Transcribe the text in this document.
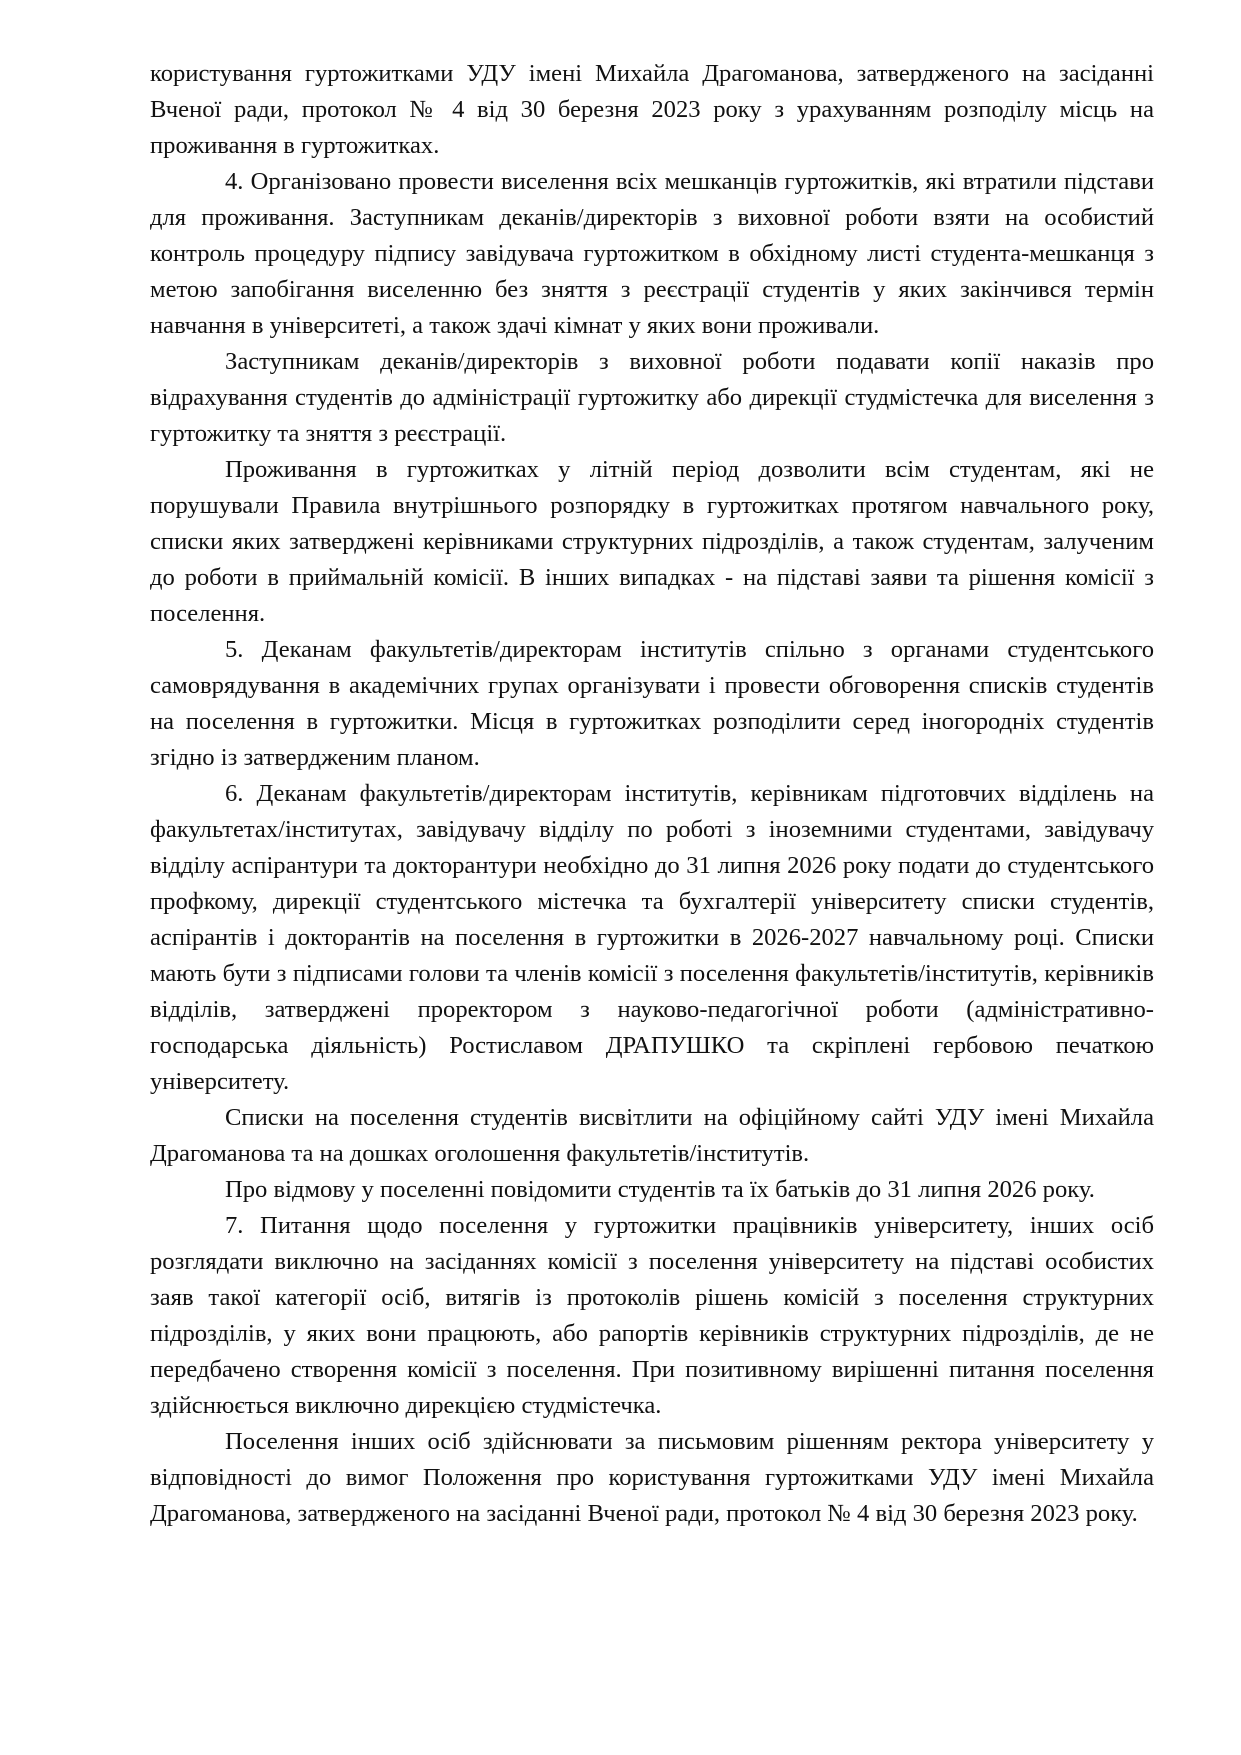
користування гуртожитками УДУ імені Михайла Драгоманова, затвердженого на засіданні Вченої ради, протокол № 4 від 30 березня 2023 року з урахуванням розподілу місць на проживання в гуртожитках.

4. Організовано провести виселення всіх мешканців гуртожитків, які втратили підстави для проживання. Заступникам деканів/директорів з виховної роботи взяти на особистий контроль процедуру підпису завідувача гуртожитком в обхідному листі студента-мешканця з метою запобігання виселенню без зняття з реєстрації студентів у яких закінчився термін навчання в університеті, а також здачі кімнат у яких вони проживали.

Заступникам деканів/директорів з виховної роботи подавати копії наказів про відрахування студентів до адміністрації гуртожитку або дирекції студмістечка для виселення з гуртожитку та зняття з реєстрації.

Проживання в гуртожитках у літній період дозволити всім студентам, які не порушували Правила внутрішнього розпорядку в гуртожитках протягом навчального року, списки яких затверджені керівниками структурних підрозділів, а також студентам, залученим до роботи в приймальній комісії. В інших випадках - на підставі заяви та рішення комісії з поселення.

5. Деканам факультетів/директорам інститутів спільно з органами студентського самоврядування в академічних групах організувати і провести обговорення списків студентів на поселення в гуртожитки. Місця в гуртожитках розподілити серед іногородніх студентів згідно із затвердженим планом.

6. Деканам факультетів/директорам інститутів, керівникам підготовчих відділень на факультетах/інститутах, завідувачу відділу по роботі з іноземними студентами, завідувачу відділу аспірантури та докторантури необхідно до 31 липня 2026 року подати до студентського профкому, дирекції студентського містечка та бухгалтерії університету списки студентів, аспірантів і докторантів на поселення в гуртожитки в 2026-2027 навчальному році. Списки мають бути з підписами голови та членів комісії з поселення факультетів/інститутів, керівників відділів, затверджені проректором з науково-педагогічної роботи (адміністративно-господарська діяльність) Ростиславом ДРАПУШКО та скріплені гербовою печаткою університету.

Списки на поселення студентів висвітлити на офіційному сайті УДУ імені Михайла Драгоманова та на дошках оголошення факультетів/інститутів.

Про відмову у поселенні повідомити студентів та їх батьків до 31 липня 2026 року.

7. Питання щодо поселення у гуртожитки працівників університету, інших осіб розглядати виключно на засіданнях комісії з поселення університету на підставі особистих заяв такої категорії осіб, витягів із протоколів рішень комісій з поселення структурних підрозділів, у яких вони працюють, або рапортів керівників структурних підрозділів, де не передбачено створення комісії з поселення. При позитивному вирішенні питання поселення здійснюється виключно дирекцією студмістечка.

Поселення інших осіб здійснювати за письмовим рішенням ректора університету у відповідності до вимог Положення про користування гуртожитками УДУ імені Михайла Драгоманова, затвердженого на засіданні Вченої ради, протокол № 4 від 30 березня 2023 року.
